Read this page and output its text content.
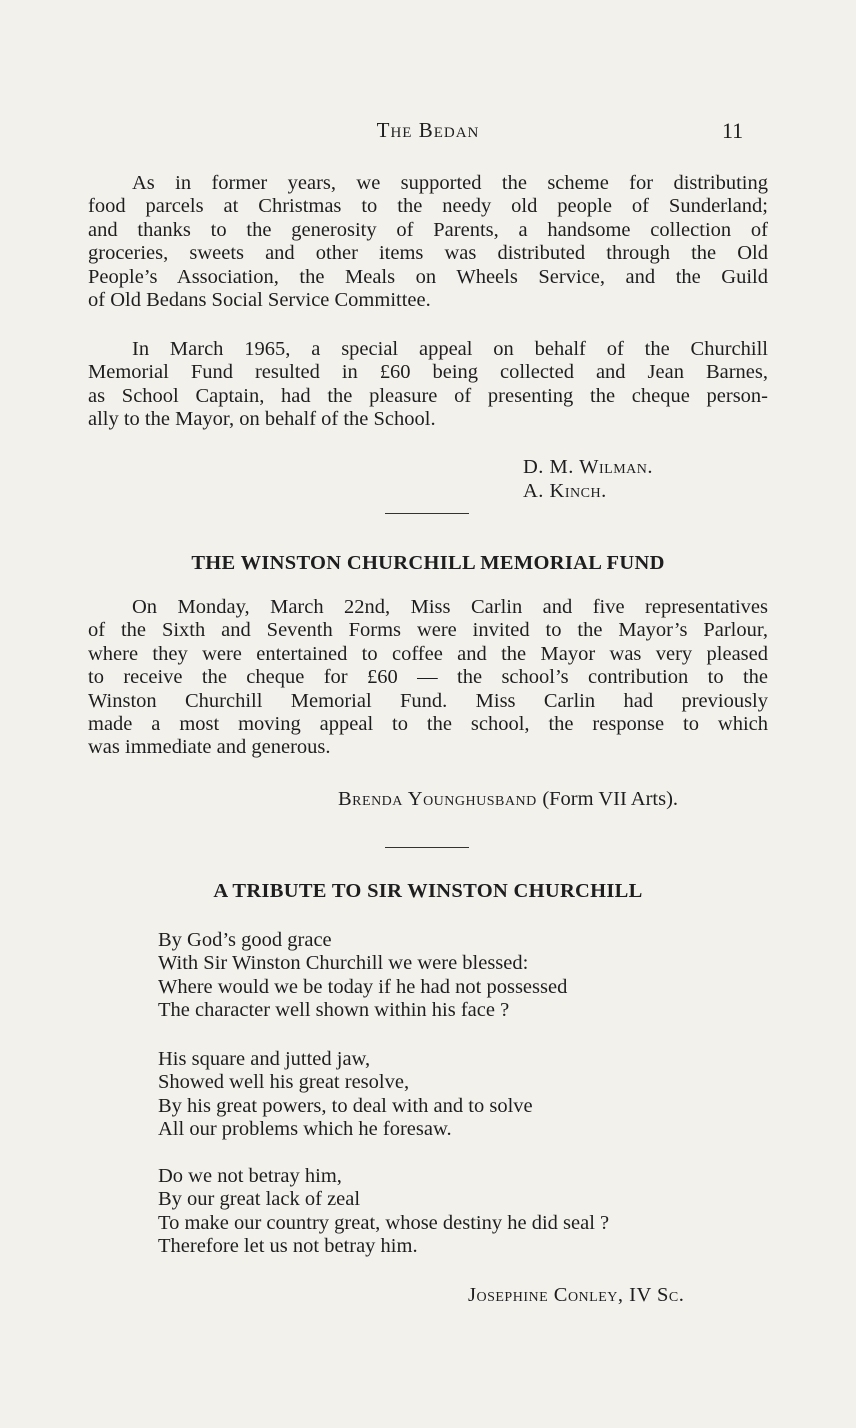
The Bedan	11
As in former years, we supported the scheme for distributing
food parcels at Christmas to the needy old people of Sunderland;
and thanks to the generosity of Parents, a handsome collection of
groceries, sweets and other items was distributed through the Old
People’s Association, the Meals on Wheels Service, and the Guild
of Old Bedans Social Service Committee.
In March 1965, a special appeal on behalf of the Churchill
Memorial Fund resulted in £60 being collected and Jean Barnes,
as School Captain, had the pleasure of presenting the cheque person-
ally to the Mayor, on behalf of the School.
D. M. Wilman.
A. Kinch.
THE WINSTON CHURCHILL MEMORIAL FUND
On Monday, March 22nd, Miss Carlin and five representatives
of the Sixth and Seventh Forms were invited to the Mayor’s Parlour,
where they were entertained to coffee and the Mayor was very pleased
to receive the cheque for £60 — the school’s contribution to the
Winston Churchill Memorial Fund. Miss Carlin had previously
made a most moving appeal to the school, the response to which
was immediate and generous.
Brenda Younghusband (Form VII Arts).
A TRIBUTE TO SIR WINSTON CHURCHILL
By God’s good grace
With Sir Winston Churchill we were blessed:
Where would we be today if he had not possessed
The character well shown within his face ?
His square and jutted jaw,
Showed well his great resolve,
By his great powers, to deal with and to solve
All our problems which he foresaw.
Do we not betray him,
By our great lack of zeal
To make our country great, whose destiny he did seal ?
Therefore let us not betray him.
Josephine Conley, IV Sc.
